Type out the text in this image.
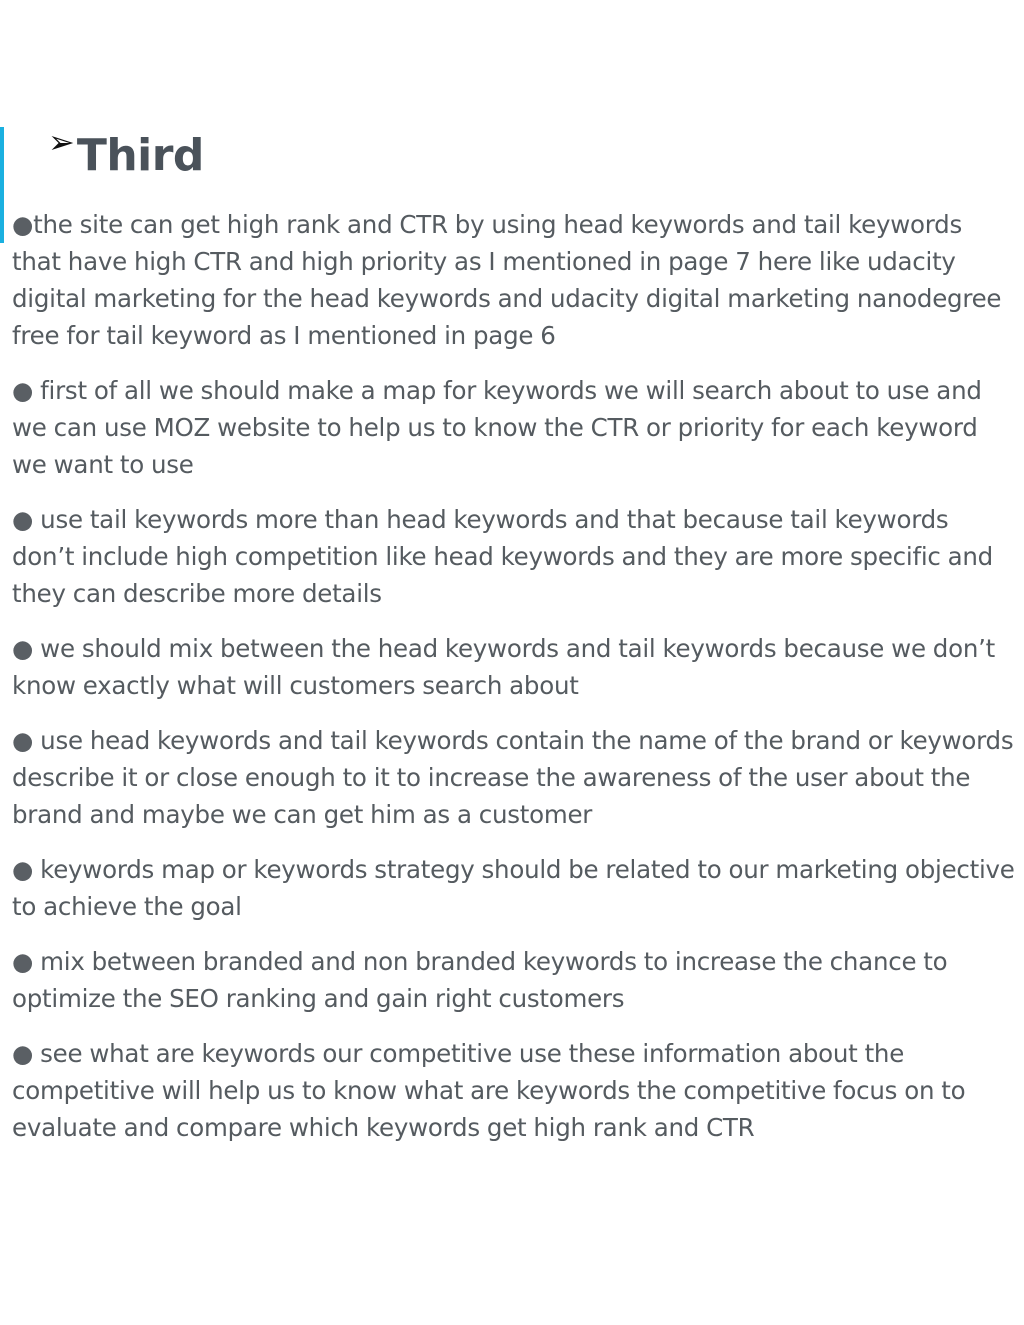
➢ Third

●the site can get high rank and CTR by using head keywords and tail keywords that have high CTR and high priority as I mentioned in page 7 here like udacity digital marketing for the head keywords and udacity digital marketing nanodegree free for tail keyword as I mentioned in page 6

● first of all we should make a map for keywords we will search about to use and we can use MOZ website to help us to know the CTR or priority for each keyword we want to use

● use tail keywords more than head keywords and that because tail keywords don’t include high competition like head keywords and they are more specific and they can describe more details

● we should mix between the head keywords and tail keywords because we don’t know exactly what will customers search about

● use head keywords and tail keywords contain the name of the brand or keywords describe it or close enough to it to increase the awareness of the user about the brand and maybe we can get him as a customer

● keywords map or keywords strategy should be related to our marketing objective to achieve the goal

● mix between branded and non branded keywords to increase the chance to optimize the SEO ranking and gain right customers

● see what are keywords our competitive use these information about the competitive will help us to know what are keywords the competitive focus on to evaluate and compare which keywords get high rank and CTR
